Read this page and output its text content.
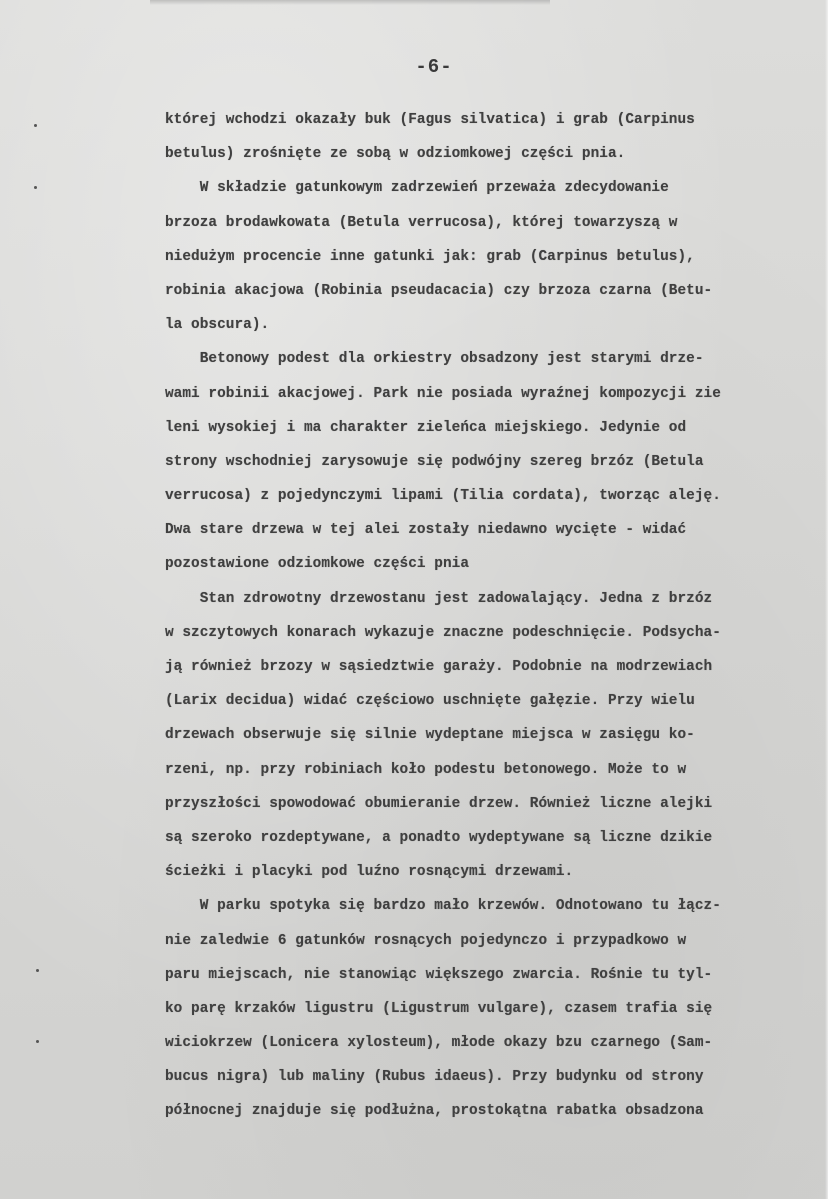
-6-
której wchodzi okazały buk (Fagus silvatica) i grab (Carpinus
betulus) zrośnięte ze sobą w odziomkowej części pnia.
W składzie gatunkowym zadrzewień przeważa zdecydowanie
brzoza brodawkowata (Betula verrucosa), której towarzyszą w
niedużym procencie inne gatunki jak: grab (Carpinus betulus),
robinia akacjowa (Robinia pseudacacia) czy brzoza czarna (Betu-
la obscura).
Betonowy podest dla orkiestry obsadzony jest starymi drze-
wami robinii akacjowej. Park nie posiada wyraźnej kompozycji zie
leni wysokiej i ma charakter zieleńca miejskiego. Jedynie od
strony wschodniej zarysowuje się podwójny szereg brzóz (Betula
verrucosa) z pojedynczymi lipami (Tilia cordata), tworząc aleję.
Dwa stare drzewa w tej alei zostały niedawno wycięte - widać
pozostawione odziomkowe części pnia
Stan zdrowotny drzewostanu jest zadowalający. Jedna z brzóz
w szczytowych konarach wykazuje znaczne podeschnięcie. Podsycha-
ją również brzozy w sąsiedztwie garaży. Podobnie na modrzewiach
(Larix decidua) widać częściowo uschnięte gałęzie. Przy wielu
drzewach obserwuje się silnie wydeptane miejsca w zasięgu ko-
rzeni, np. przy robiniach koło podestu betonowego. Może to w
przyszłości spowodować obumieranie drzew. Również liczne alejki
są szeroko rozdeptywane, a ponadto wydeptywane są liczne dzikie
ścieżki i placyki pod luźno rosnącymi drzewami.
W parku spotyka się bardzo mało krzewów. Odnotowano tu łącz-
nie zaledwie 6 gatunków rosnących pojedynczo i przypadkowo w
paru miejscach, nie stanowiąc większego zwarcia. Rośnie tu tyl-
ko parę krzaków ligustru (Ligustrum vulgare), czasem trafia się
wiciokrzew (Lonicera xylosteum), młode okazy bzu czarnego (Sam-
bucus nigra) lub maliny (Rubus idaeus). Przy budynku od strony
północnej znajduje się podłużna, prostokątna rabatka obsadzona
